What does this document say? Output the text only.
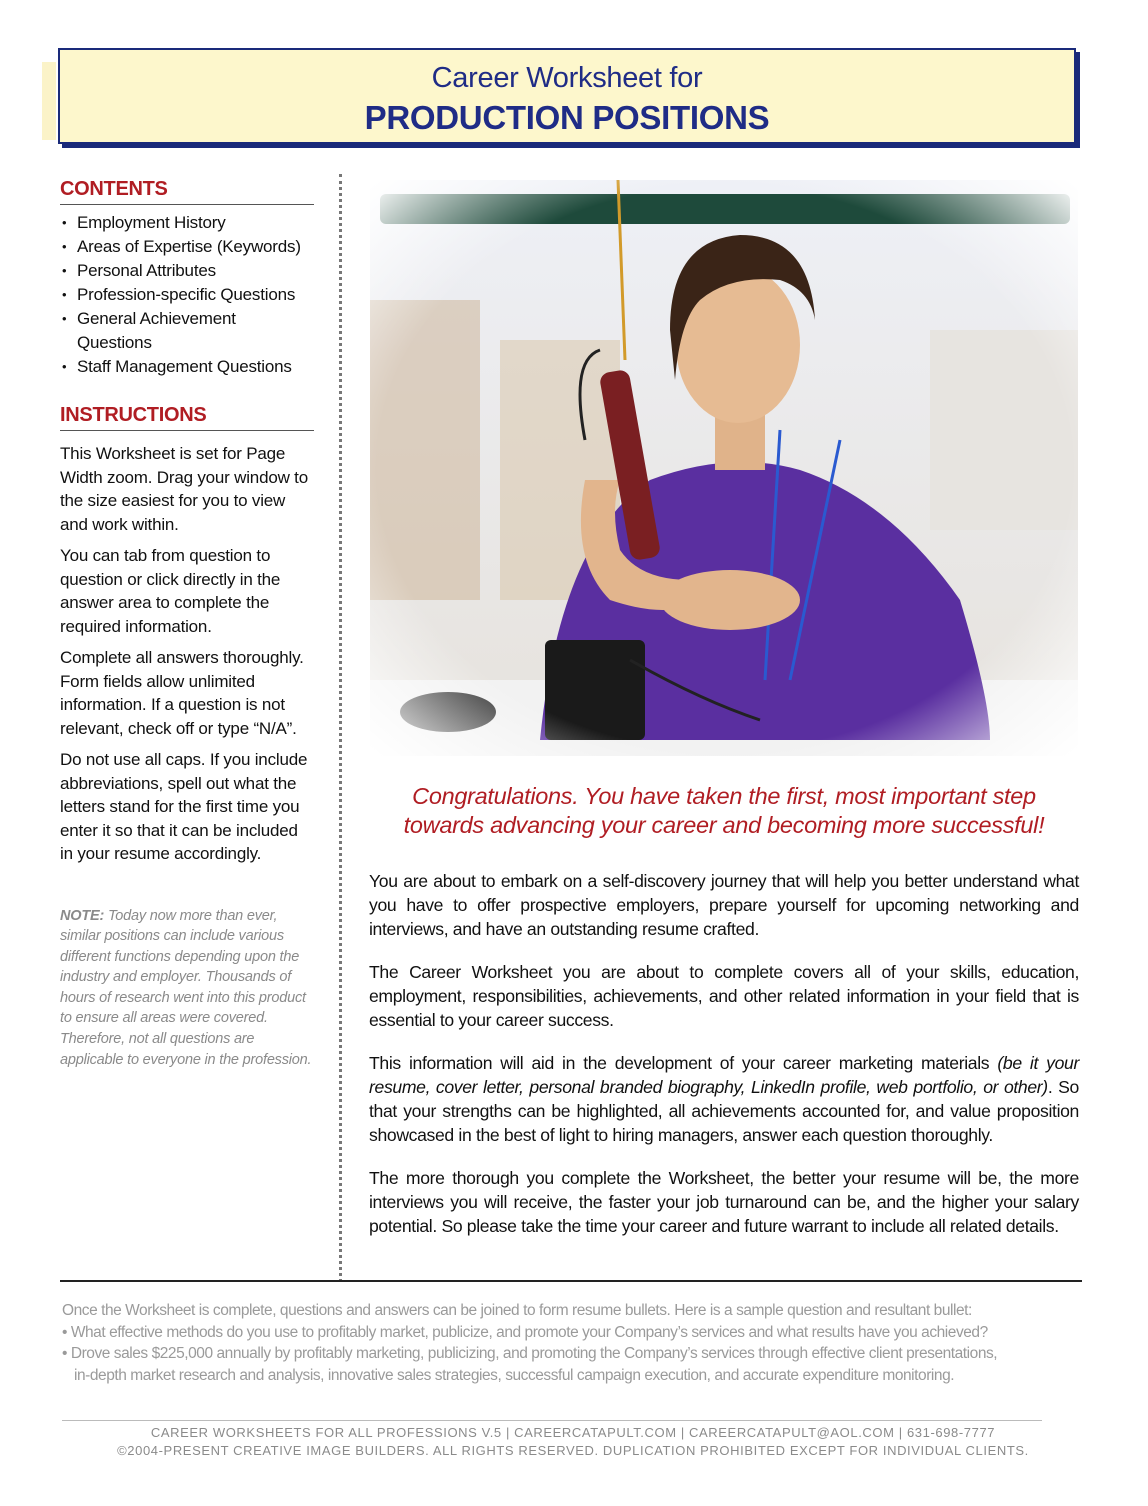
Career Worksheet for
PRODUCTION POSITIONS
CONTENTS
• Employment History
• Areas of Expertise (Keywords)
• Personal Attributes
• Profession-specific Questions
• General Achievement Questions
• Staff Management Questions
INSTRUCTIONS

This Worksheet is set for Page Width zoom. Drag your window to the size easiest for you to view and work within.

You can tab from question to question or click directly in the answer area to complete the required information.

Complete all answers thoroughly. Form fields allow unlimited information. If a question is not relevant, check off or type “N/A”.

Do not use all caps. If you include abbreviations, spell out what the letters stand for the first time you enter it so that it can be included in your resume accordingly.

NOTE: Today now more than ever, similar positions can include various different functions depending upon the industry and employer. Thousands of hours of research went into this product to ensure all areas were covered. Therefore, not all questions are applicable to everyone in the profession.
Congratulations. You have taken the first, most important step
towards advancing your career and becoming more successful!

You are about to embark on a self-discovery journey that will help you better understand what you have to offer prospective employers, prepare yourself for upcoming networking and interviews, and have an outstanding resume crafted.

The Career Worksheet you are about to complete covers all of your skills, education, employment, responsibilities, achievements, and other related information in your field that is essential to your career success.

This information will aid in the development of your career marketing materials (be it your resume, cover letter, personal branded biography, LinkedIn profile, web portfolio, or other). So that your strengths can be highlighted, all achievements accounted for, and value proposition showcased in the best of light to hiring managers, answer each question thoroughly.

The more thorough you complete the Worksheet, the better your resume will be, the more interviews you will receive, the faster your job turnaround can be, and the higher your salary potential. So please take the time your career and future warrant to include all related details.

Once the Worksheet is complete, questions and answers can be joined to form resume bullets. Here is a sample question and resultant bullet:
• What effective methods do you use to profitably market, publicize, and promote your Company’s services and what results have you achieved?
• Drove sales $225,000 annually by profitably marketing, publicizing, and promoting the Company’s services through effective client presentations,
in-depth market research and analysis, innovative sales strategies, successful campaign execution, and accurate expenditure monitoring.
CAREER WORKSHEETS FOR ALL PROFESSIONS V.5 | CAREERCATAPULT.COM | CAREERCATAPULT@AOL.COM | 631-698-7777
©2004-PRESENT CREATIVE IMAGE BUILDERS. ALL RIGHTS RESERVED. DUPLICATION PROHIBITED EXCEPT FOR INDIVIDUAL CLIENTS.
